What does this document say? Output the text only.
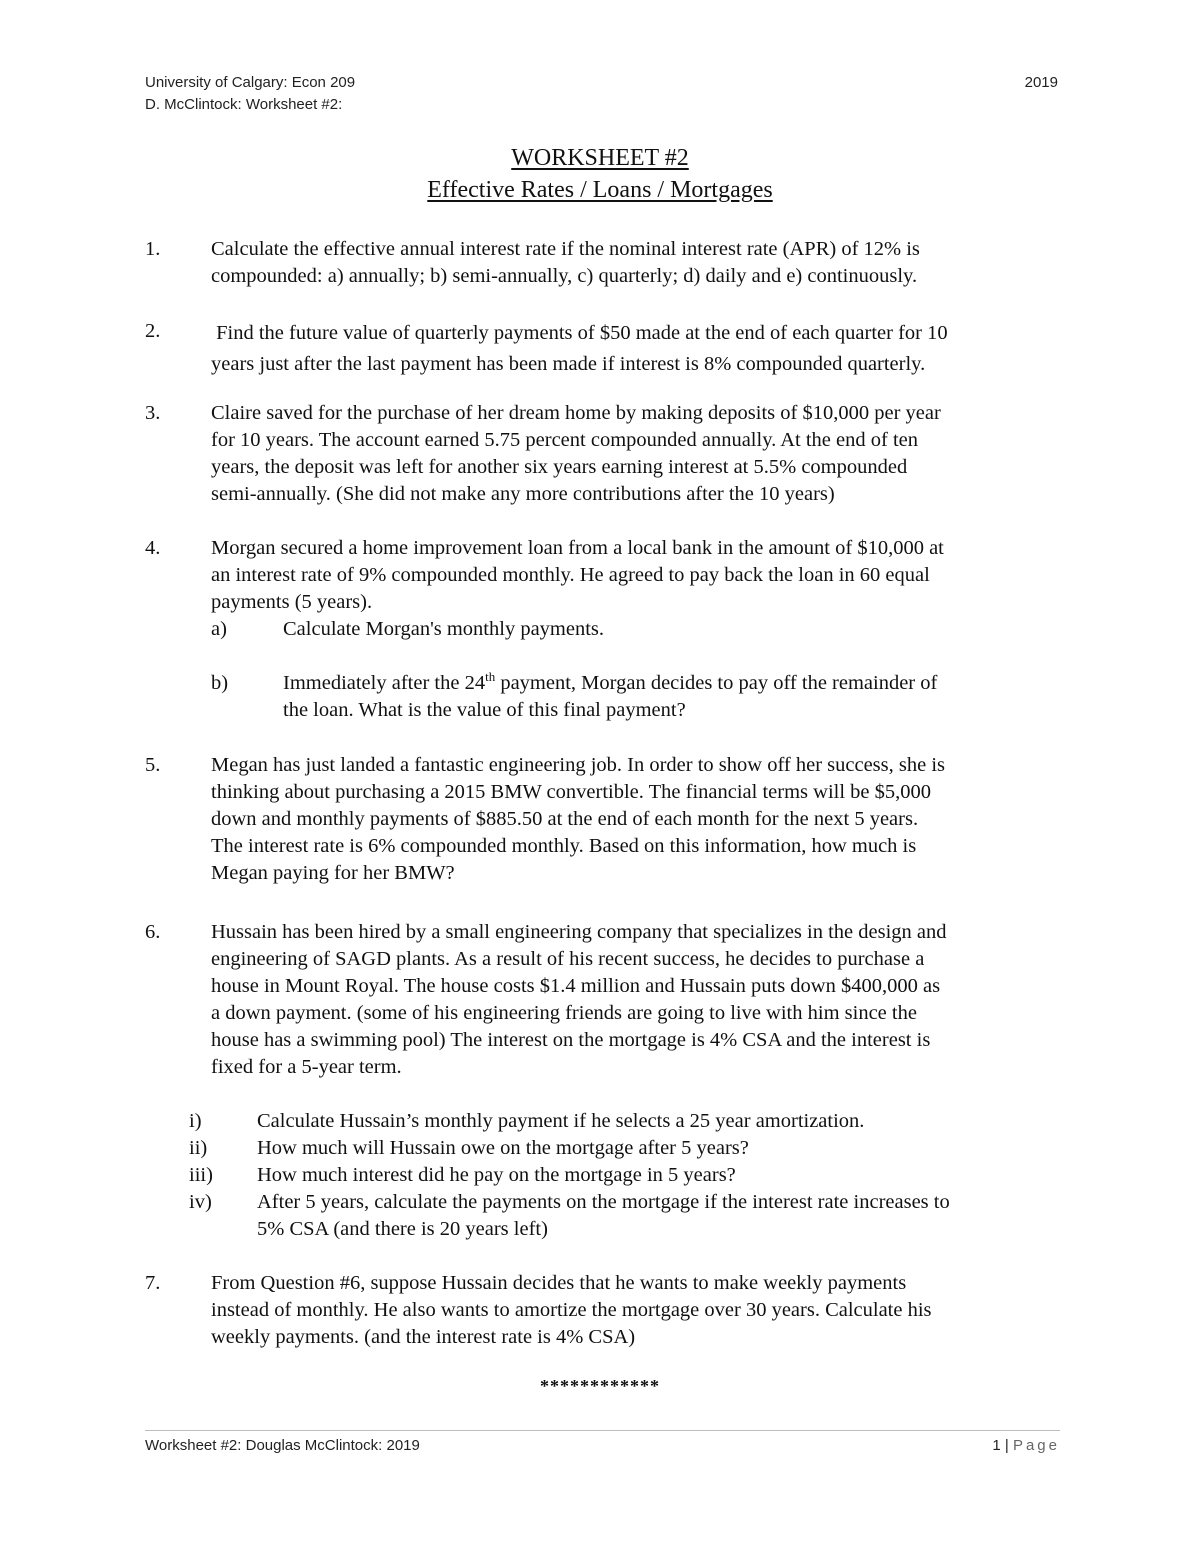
University of Calgary: Econ 209	2019
D. McClintock: Worksheet #2:
WORKSHEET #2
Effective Rates / Loans / Mortgages
1. Calculate the effective annual interest rate if the nominal interest rate (APR) of 12% is
compounded: a) annually; b) semi-annually, c) quarterly; d) daily and e) continuously.
2. Find the future value of quarterly payments of $50 made at the end of each quarter for 10
years just after the last payment has been made if interest is 8% compounded quarterly.
3. Claire saved for the purchase of her dream home by making deposits of $10,000 per year
for 10 years. The account earned 5.75 percent compounded annually. At the end of ten
years, the deposit was left for another six years earning interest at 5.5% compounded
semi-annually. (She did not make any more contributions after the 10 years)
4. Morgan secured a home improvement loan from a local bank in the amount of $10,000 at
an interest rate of 9% compounded monthly. He agreed to pay back the loan in 60 equal
payments (5 years).
a)	Calculate Morgan's monthly payments.
b)	Immediately after the 24th payment, Morgan decides to pay off the remainder of
the loan. What is the value of this final payment?
5. Megan has just landed a fantastic engineering job. In order to show off her success, she is
thinking about purchasing a 2015 BMW convertible. The financial terms will be $5,000
down and monthly payments of $885.50 at the end of each month for the next 5 years.
The interest rate is 6% compounded monthly. Based on this information, how much is
Megan paying for her BMW?
6. Hussain has been hired by a small engineering company that specializes in the design and
engineering of SAGD plants. As a result of his recent success, he decides to purchase a
house in Mount Royal. The house costs $1.4 million and Hussain puts down $400,000 as
a down payment. (some of his engineering friends are going to live with him since the
house has a swimming pool) The interest on the mortgage is 4% CSA and the interest is
fixed for a 5-year term.
i)	Calculate Hussain’s monthly payment if he selects a 25 year amortization.
ii) How much will Hussain owe on the mortgage after 5 years?
iii) How much interest did he pay on the mortgage in 5 years?
iv) After 5 years, calculate the payments on the mortgage if the interest rate increases to
5% CSA (and there is 20 years left)
7. From Question #6, suppose Hussain decides that he wants to make weekly payments
instead of monthly. He also wants to amortize the mortgage over 30 years. Calculate his
weekly payments. (and the interest rate is 4% CSA)
************
Worksheet #2: Douglas McClintock: 2019	1 | Page
